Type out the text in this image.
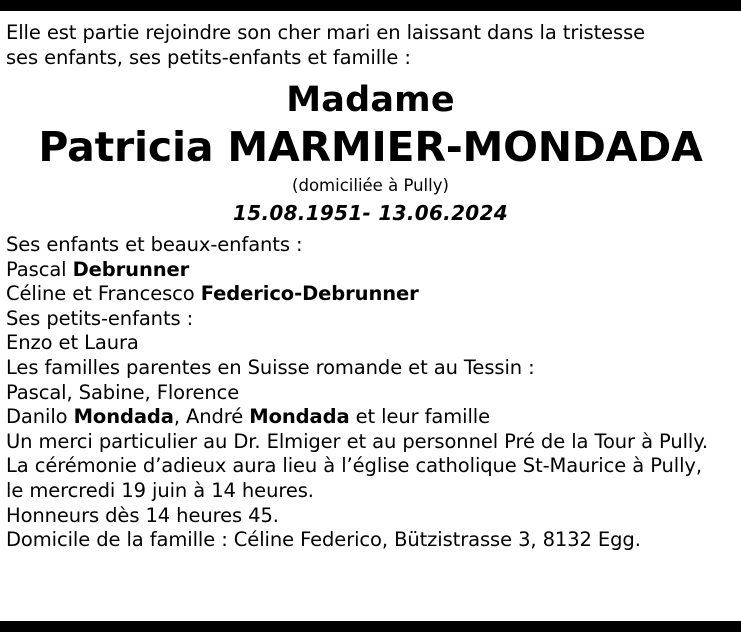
Elle est partie rejoindre son cher mari en laissant dans la tristesse
ses enfants, ses petits-enfants et famille :
Madame
Patricia MARMIER-MONDADA
(domiciliée à Pully)
15.08.1951- 13.06.2024
Ses enfants et beaux-enfants :
Pascal Debrunner
Céline et Francesco Federico-Debrunner
Ses petits-enfants :
Enzo et Laura
Les familles parentes en Suisse romande et au Tessin :
Pascal, Sabine, Florence
Danilo Mondada, André Mondada et leur famille
Un merci particulier au Dr. Elmiger et au personnel Pré de la Tour à Pully.
La cérémonie d’adieux aura lieu à l’église catholique St-Maurice à Pully,
le mercredi 19 juin à 14 heures.
Honneurs dès 14 heures 45.
Domicile de la famille : Céline Federico, Bützistrasse 3, 8132 Egg.
